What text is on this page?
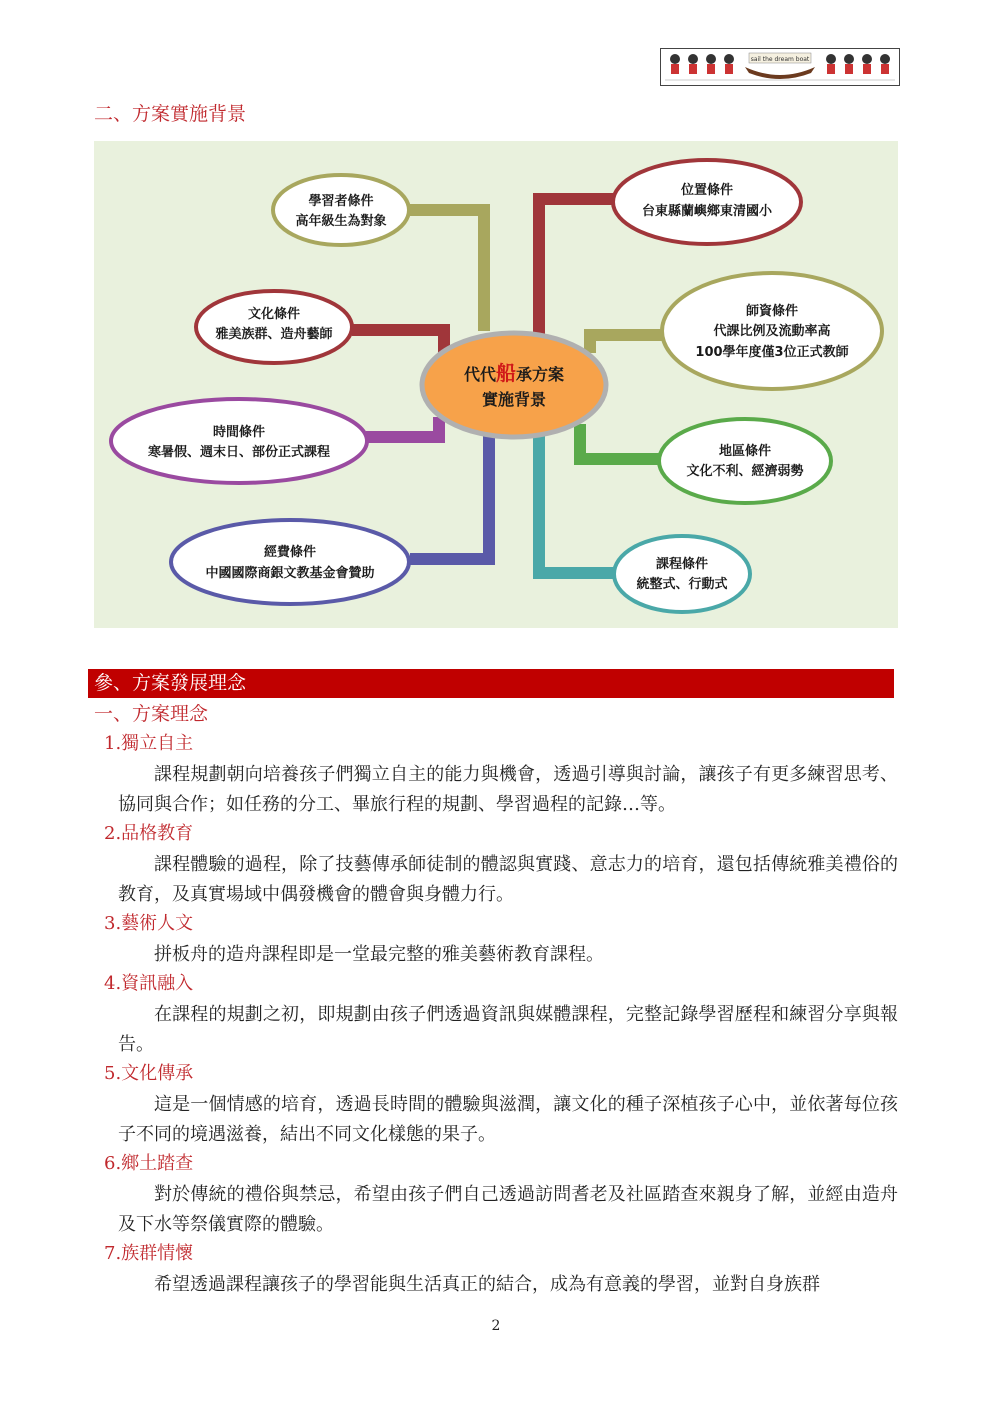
sail the dream boat
二、方案實施背景
代代船承方案
實施背景
學習者條件
高年級生為對象
文化條件
雅美族群、造舟藝師
時間條件
寒暑假、週末日、部份正式課程
經費條件
中國國際商銀文教基金會贊助
位置條件
台東縣蘭嶼鄉東清國小
師資條件
代課比例及流動率高
100學年度僅3位正式教師
地區條件
文化不利、經濟弱勢
課程條件
統整式、行動式
參、方案發展理念
一、方案理念
1.獨立自主
課程規劃朝向培養孩子們獨立自主的能力與機會，透過引導與討論，讓孩子有更多練習思考、協同與合作；如任務的分工、畢旅行程的規劃、學習過程的記錄…等。
2.品格教育
課程體驗的過程，除了技藝傳承師徒制的體認與實踐、意志力的培育，還包括傳統雅美禮俗的教育，及真實場域中偶發機會的體會與身體力行。
3.藝術人文
拼板舟的造舟課程即是一堂最完整的雅美藝術教育課程。
4.資訊融入
在課程的規劃之初，即規劃由孩子們透過資訊與媒體課程，完整記錄學習歷程和練習分享與報告。
5.文化傳承
這是一個情感的培育，透過長時間的體驗與滋潤，讓文化的種子深植孩子心中，並依著每位孩子不同的境遇滋養，結出不同文化樣態的果子。
6.鄉土踏查
對於傳統的禮俗與禁忌，希望由孩子們自己透過訪問耆老及社區踏查來親身了解，並經由造舟及下水等祭儀實際的體驗。
7.族群情懷
希望透過課程讓孩子的學習能與生活真正的結合，成為有意義的學習，並對自身族群
2
